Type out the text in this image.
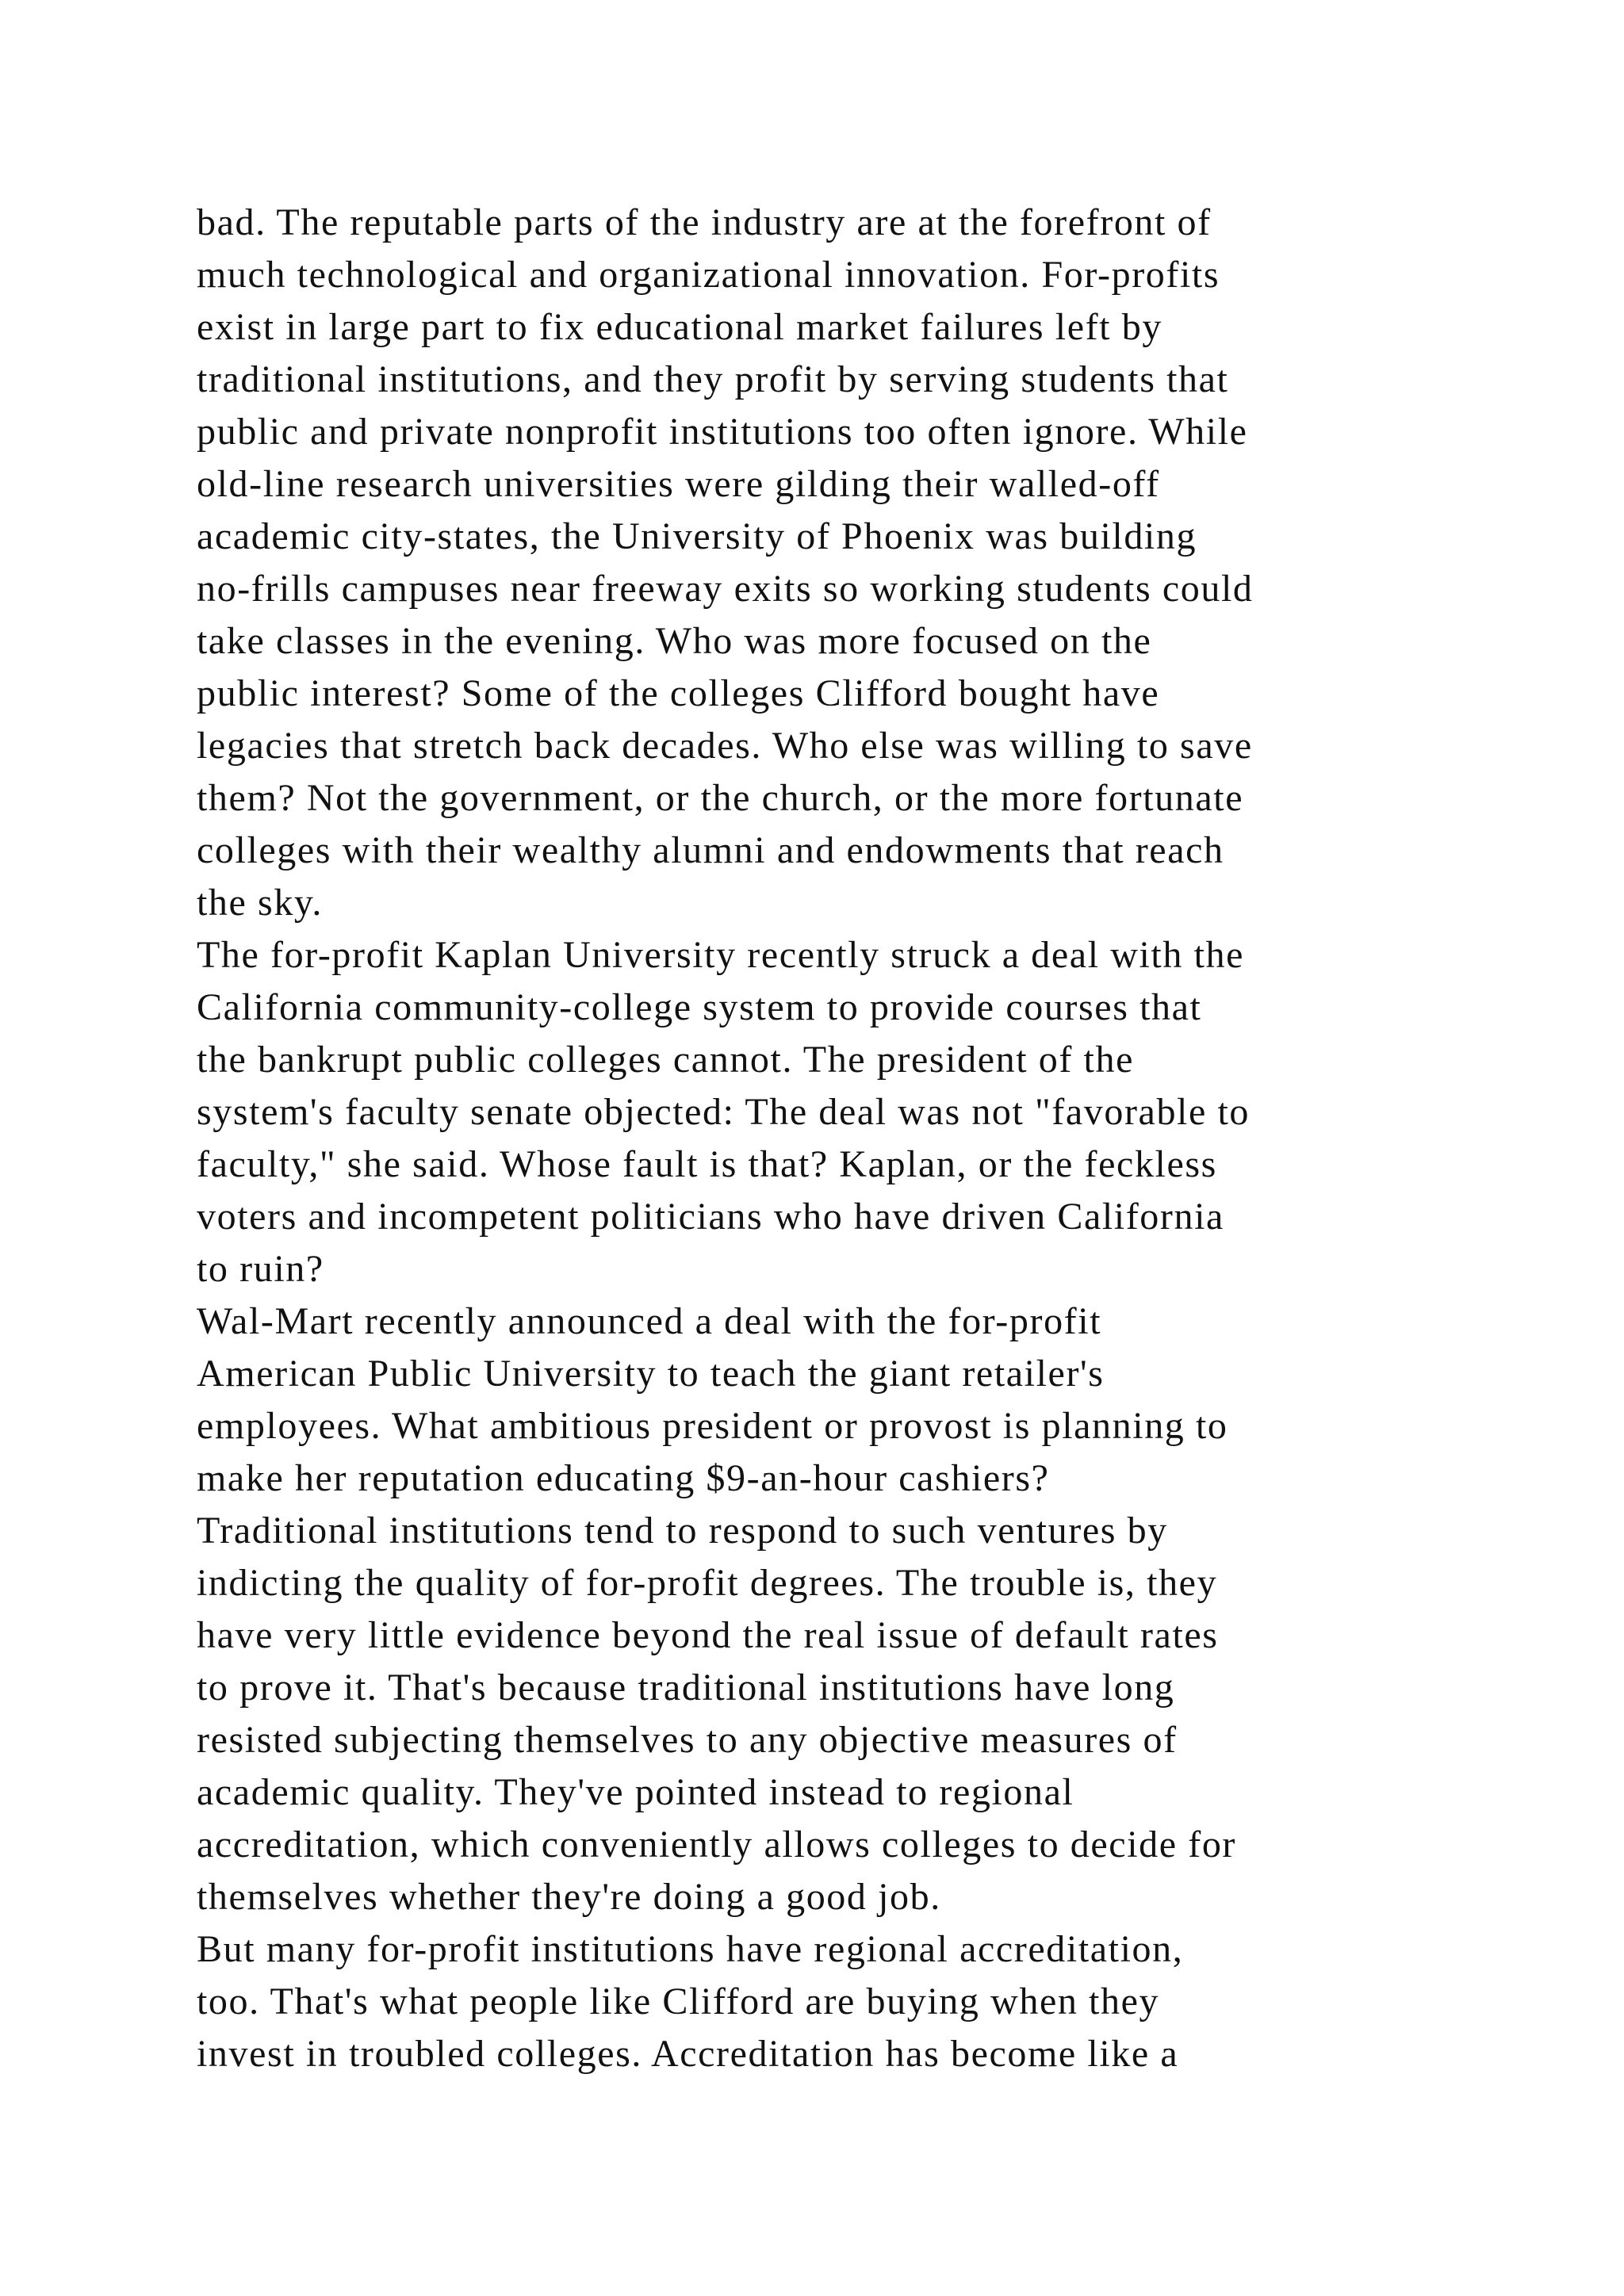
bad. The reputable parts of the industry are at the forefront of
much technological and organizational innovation. For-profits
exist in large part to fix educational market failures left by
traditional institutions, and they profit by serving students that
public and private nonprofit institutions too often ignore. While
old-line research universities were gilding their walled-off
academic city-states, the University of Phoenix was building
no-frills campuses near freeway exits so working students could
take classes in the evening. Who was more focused on the
public interest? Some of the colleges Clifford bought have
legacies that stretch back decades. Who else was willing to save
them? Not the government, or the church, or the more fortunate
colleges with their wealthy alumni and endowments that reach
the sky.
The for-profit Kaplan University recently struck a deal with the
California community-college system to provide courses that
the bankrupt public colleges cannot. The president of the
system's faculty senate objected: The deal was not "favorable to
faculty," she said. Whose fault is that? Kaplan, or the feckless
voters and incompetent politicians who have driven California
to ruin?
Wal-Mart recently announced a deal with the for-profit
American Public University to teach the giant retailer's
employees. What ambitious president or provost is planning to
make her reputation educating $9-an-hour cashiers?
Traditional institutions tend to respond to such ventures by
indicting the quality of for-profit degrees. The trouble is, they
have very little evidence beyond the real issue of default rates
to prove it. That's because traditional institutions have long
resisted subjecting themselves to any objective measures of
academic quality. They've pointed instead to regional
accreditation, which conveniently allows colleges to decide for
themselves whether they're doing a good job.
But many for-profit institutions have regional accreditation,
too. That's what people like Clifford are buying when they
invest in troubled colleges. Accreditation has become like a
